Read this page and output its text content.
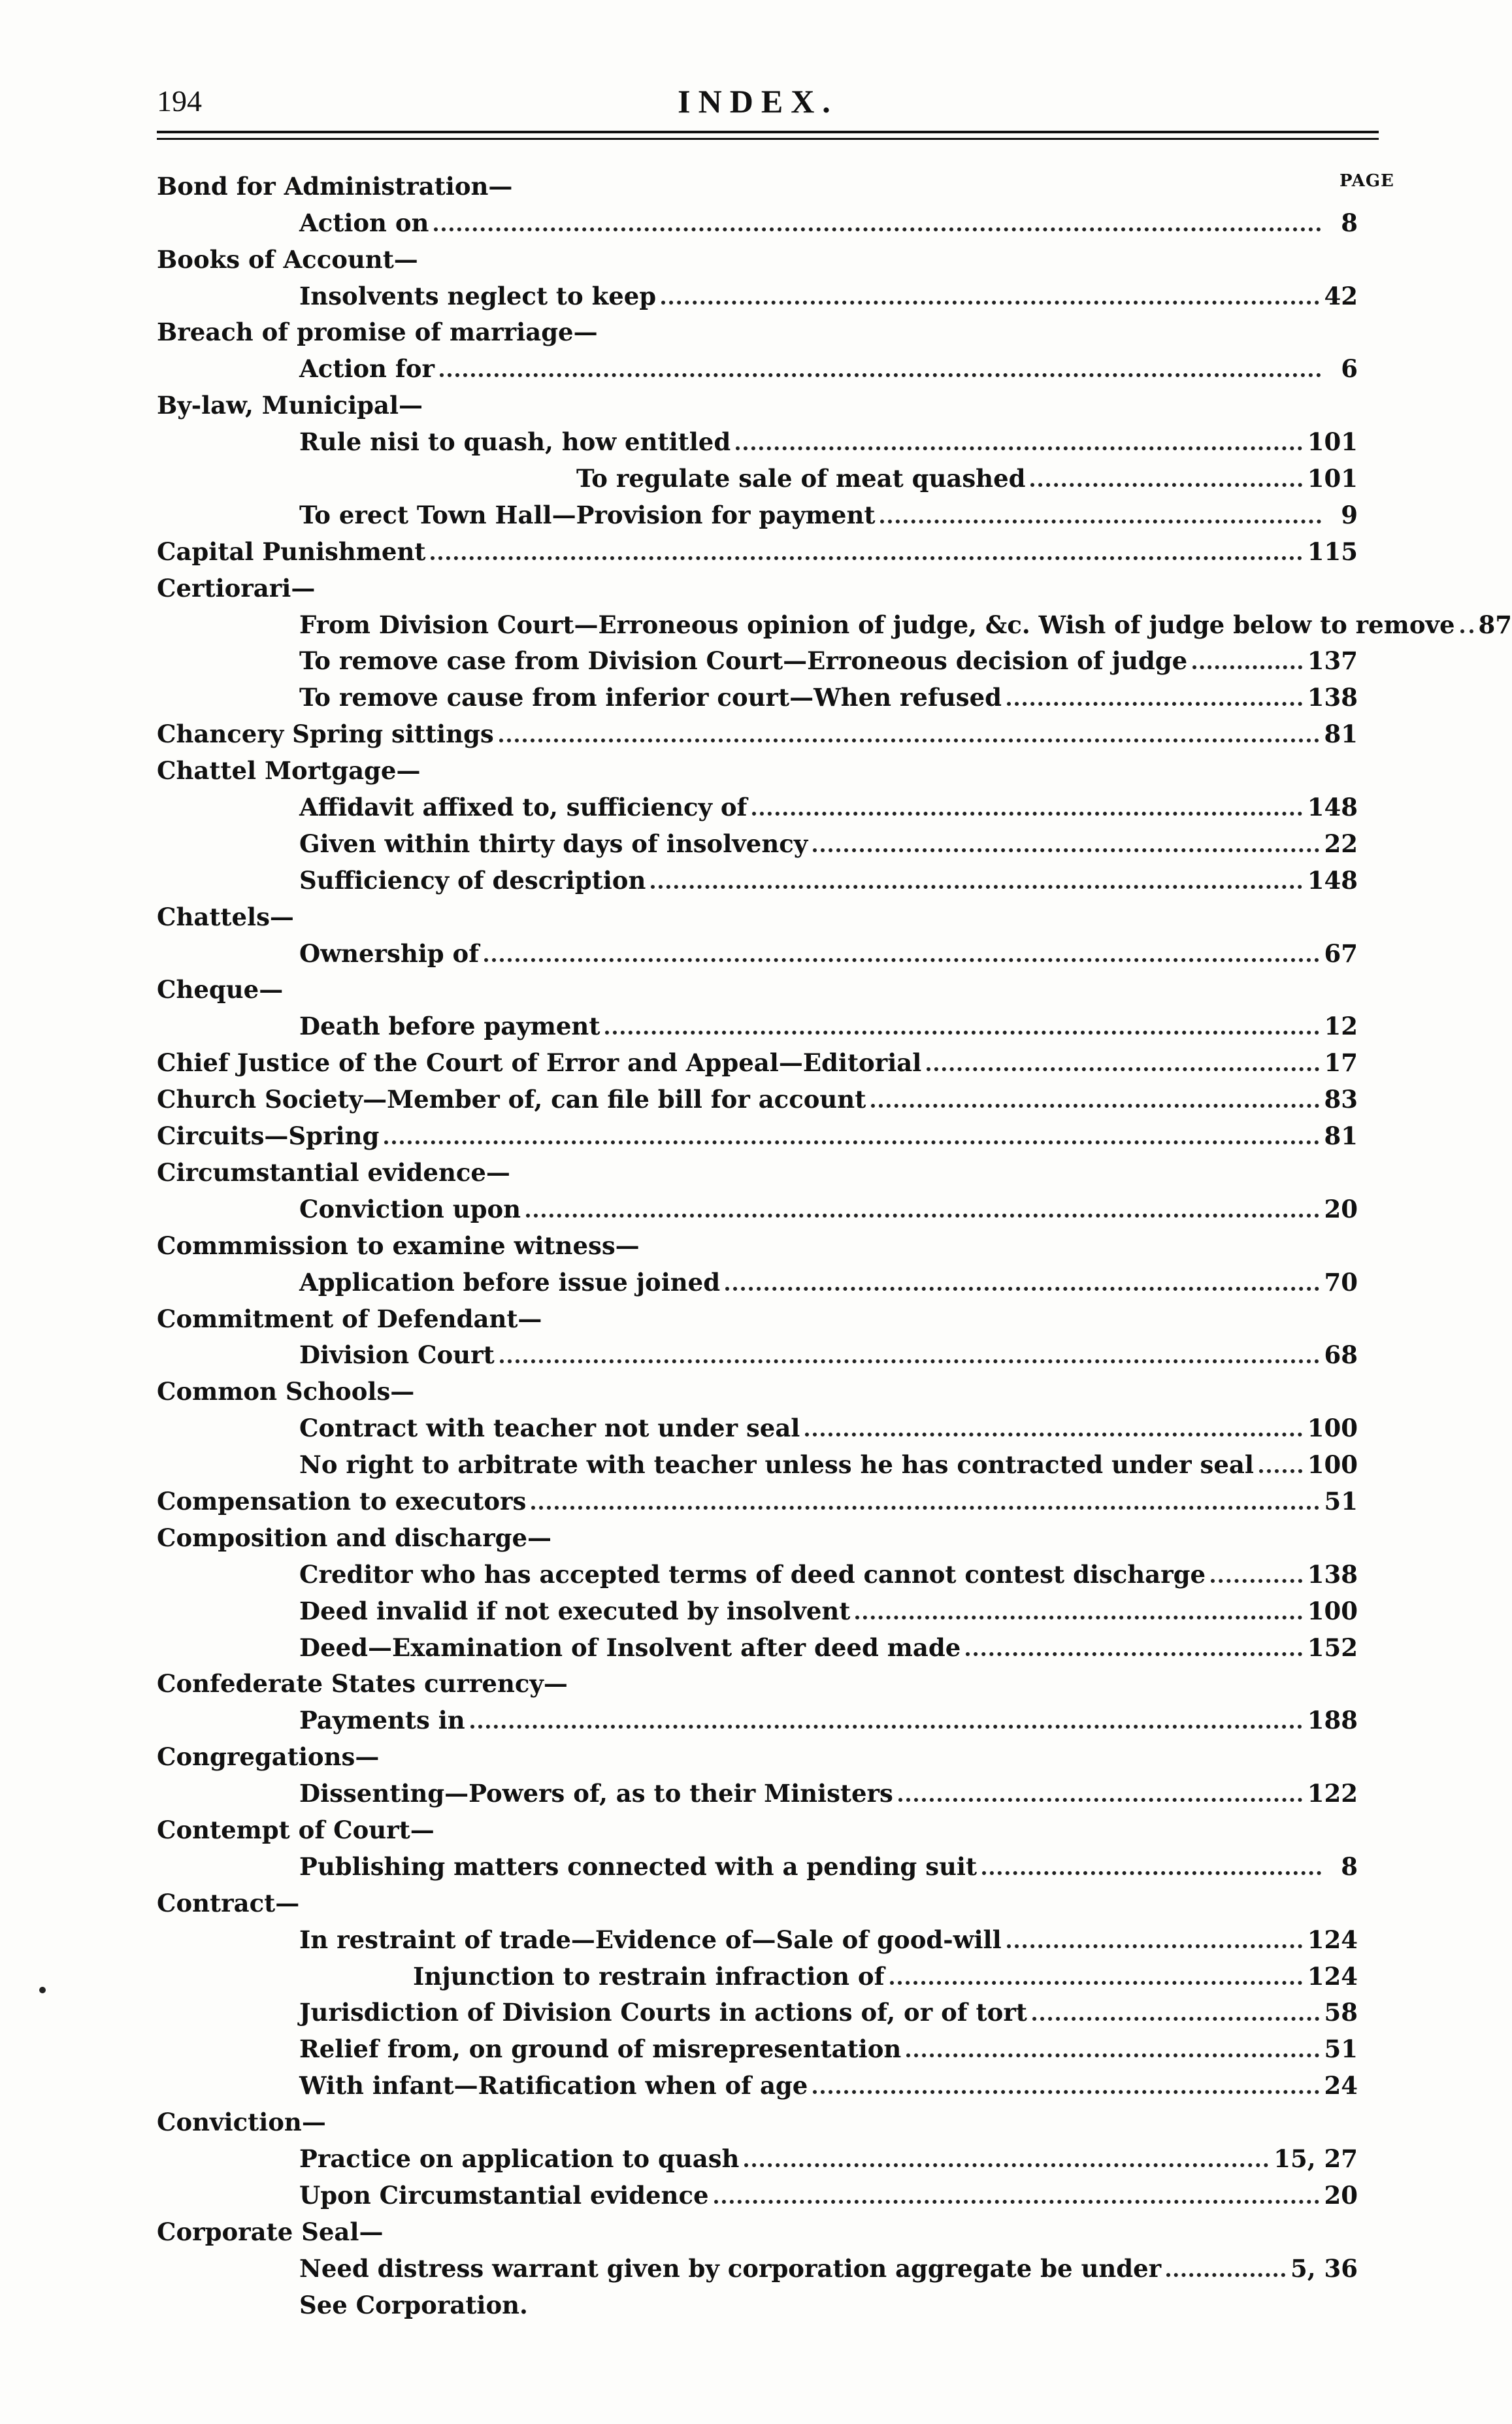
194	INDEX.
PAGE
Bond for Administration—
Action on	8
Books of Account—
Insolvents neglect to keep	42
Breach of promise of marriage—
Action for	6
By-law, Municipal—
Rule nisi to quash, how entitled	101
To regulate sale of meat quashed	101
To erect Town Hall—Provision for payment	9
Capital Punishment	115
Certiorari—
From Division Court—Erroneous opinion of judge, &c. Wish of judge below to remove 87
To remove case from Division Court—Erroneous decision of judge	137
To remove cause from inferior court—When refused	138
Chancery Spring sittings	81
Chattel Mortgage—
Affidavit affixed to, sufficiency of	148
Given within thirty days of insolvency	22
Sufficiency of description	148
Chattels—
Ownership of	67
Cheque—
Death before payment	12
Chief Justice of the Court of Error and Appeal—Editorial	17
Church Society—Member of, can file bill for account	83
Circuits—Spring	81
Circumstantial evidence—
Conviction upon	20
Commmission to examine witness—
Application before issue joined	70
Commitment of Defendant—
Division Court	68
Common Schools—
Contract with teacher not under seal	100
No right to arbitrate with teacher unless he has contracted under seal 100
Compensation to executors	51
Composition and discharge—
Creditor who has accepted terms of deed cannot contest discharge	138
Deed invalid if not executed by insolvent	100
Deed—Examination of Insolvent after deed made	152
Confederate States currency—
Payments in	188
Congregations—
Dissenting—Powers of, as to their Ministers	122
Contempt of Court—
Publishing matters connected with a pending suit	8
Contract—
In restraint of trade—Evidence of—Sale of good-will	124
Injunction to restrain infraction of	124
Jurisdiction of Division Courts in actions of, or of tort	58
Relief from, on ground of misrepresentation	51
With infant—Ratification when of age	24
Conviction—
Practice on application to quash	15, 27
Upon Circumstantial evidence	20
Corporate Seal—
Need distress warrant given by corporation aggregate be under	5, 36
See Corporation.
